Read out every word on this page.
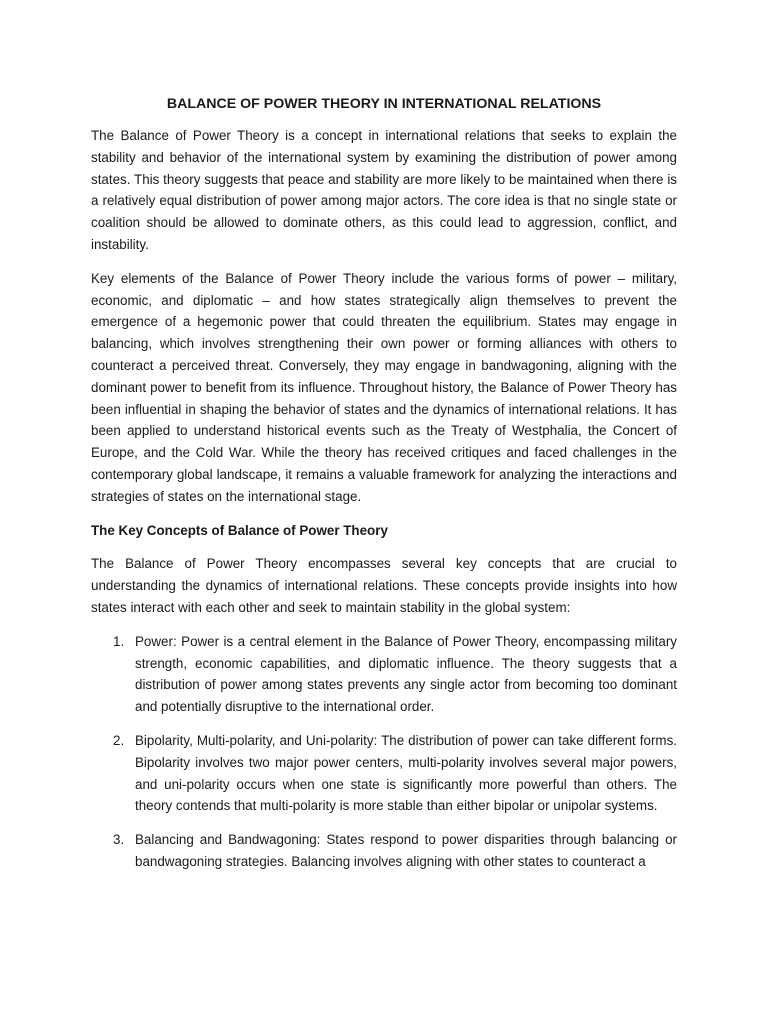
BALANCE OF POWER THEORY IN INTERNATIONAL RELATIONS

The Balance of Power Theory is a concept in international relations that seeks to explain the stability and behavior of the international system by examining the distribution of power among states. This theory suggests that peace and stability are more likely to be maintained when there is a relatively equal distribution of power among major actors. The core idea is that no single state or coalition should be allowed to dominate others, as this could lead to aggression, conflict, and instability.

Key elements of the Balance of Power Theory include the various forms of power – military, economic, and diplomatic – and how states strategically align themselves to prevent the emergence of a hegemonic power that could threaten the equilibrium. States may engage in balancing, which involves strengthening their own power or forming alliances with others to counteract a perceived threat. Conversely, they may engage in bandwagoning, aligning with the dominant power to benefit from its influence. Throughout history, the Balance of Power Theory has been influential in shaping the behavior of states and the dynamics of international relations. It has been applied to understand historical events such as the Treaty of Westphalia, the Concert of Europe, and the Cold War. While the theory has received critiques and faced challenges in the contemporary global landscape, it remains a valuable framework for analyzing the interactions and strategies of states on the international stage.

The Key Concepts of Balance of Power Theory

The Balance of Power Theory encompasses several key concepts that are crucial to understanding the dynamics of international relations. These concepts provide insights into how states interact with each other and seek to maintain stability in the global system:

1. Power: Power is a central element in the Balance of Power Theory, encompassing military strength, economic capabilities, and diplomatic influence. The theory suggests that a distribution of power among states prevents any single actor from becoming too dominant and potentially disruptive to the international order.
2. Bipolarity, Multi-polarity, and Uni-polarity: The distribution of power can take different forms. Bipolarity involves two major power centers, multi-polarity involves several major powers, and uni-polarity occurs when one state is significantly more powerful than others. The theory contends that multi-polarity is more stable than either bipolar or unipolar systems.
3. Balancing and Bandwagoning: States respond to power disparities through balancing or bandwagoning strategies. Balancing involves aligning with other states to counteract a
